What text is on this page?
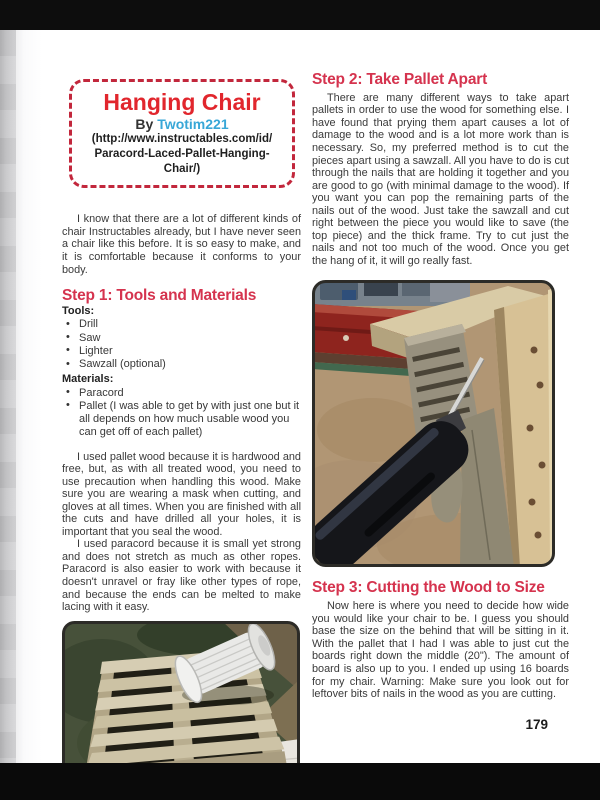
Hanging Chair
By Twotim221
(http://www.instructables.com/id/
Paracord-Laced-Pallet-Hanging-Chair/)

I know that there are a lot of different kinds of chair Instructables already, but I have never seen a chair like this before. It is so easy to make, and it is comfortable because it conforms to your body.

Step 1: Tools and Materials
Tools:
• Drill
• Saw
• Lighter
• Sawzall (optional)
Materials:
• Paracord
• Pallet (I was able to get by with just one but it all depends on how much usable wood you can get off of each pallet)

I used pallet wood because it is hardwood and free, but, as with all treated wood, you need to use precaution when handling this wood. Make sure you are wearing a mask when cutting, and gloves at all times. When you are finished with all the cuts and have drilled all your holes, it is important that you seal the wood.

I used paracord because it is small yet strong and does not stretch as much as other ropes. Paracord is also easier to work with because it doesn't unravel or fray like other types of rope, and because the ends can be melted to make lacing with it easy.

Step 2: Take Pallet Apart

There are many different ways to take apart pallets in order to use the wood for something else. I have found that prying them apart causes a lot of damage to the wood and is a lot more work than is necessary. So, my preferred method is to cut the pieces apart using a sawzall. All you have to do is cut through the nails that are holding it together and you are good to go (with minimal damage to the wood). If you want you can pop the remaining parts of the nails out of the wood. Just take the sawzall and cut right between the piece you would like to save (the top piece) and the thick frame. Try to cut just the nails and not too much of the wood. Once you get the hang of it, it will go really fast.

Step 3: Cutting the Wood to Size

Now here is where you need to decide how wide you would like your chair to be. I guess you should base the size on the behind that will be sitting in it. With the pallet that I had I was able to just cut the boards right down the middle (20"). The amount of board is also up to you. I ended up using 16 boards for my chair. Warning: Make sure you look out for leftover bits of nails in the wood as you are cutting.

179
